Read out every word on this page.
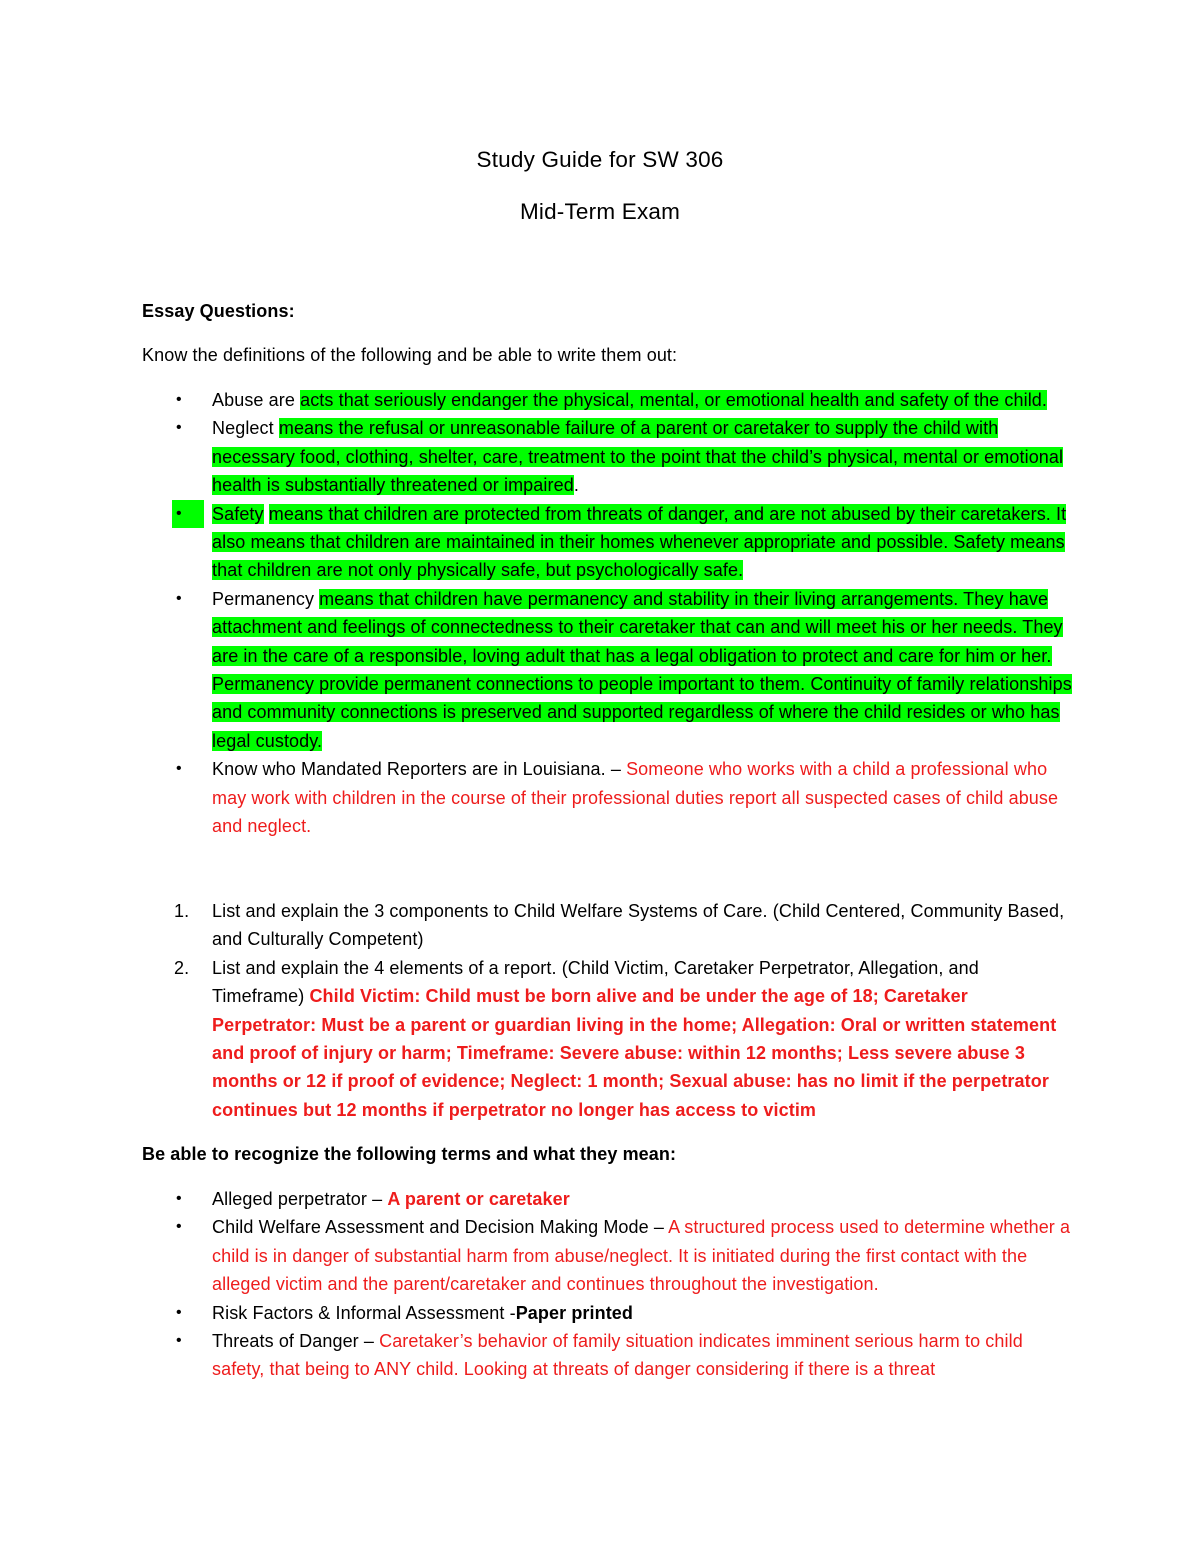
Study Guide for SW 306
Mid-Term Exam
Essay Questions:
Know the definitions of the following and be able to write them out:
• Abuse are acts that seriously endanger the physical, mental, or emotional health and safety of the child.
• Neglect means the refusal or unreasonable failure of a parent or caretaker to supply the child with necessary food, clothing, shelter, care, treatment to the point that the child’s physical, mental or emotional health is substantially threatened or impaired.
•	Safety means that children are protected from threats of danger, and are not abused by their caretakers. It also means that children are maintained in their homes whenever appropriate and possible. Safety means that children are not only physically safe, but psychologically safe.
• Permanency means that children have permanency and stability in their living arrangements. They have attachment and feelings of connectedness to their caretaker that can and will meet his or her needs. They are in the care of a responsible, loving adult that has a legal obligation to protect and care for him or her. Permanency provide permanent connections to people important to them. Continuity of family relationships and community connections is preserved and supported regardless of where the child resides or who has legal custody.
• Know who Mandated Reporters are in Louisiana. – Someone who works with a child a professional who may work with children in the course of their professional duties report all suspected cases of child abuse and neglect.
1. List and explain the 3 components to Child Welfare Systems of Care. (Child Centered, Community Based, and Culturally Competent)
2. List and explain the 4 elements of a report. (Child Victim, Caretaker Perpetrator, Allegation, and Timeframe) Child Victim: Child must be born alive and be under the age of 18; Caretaker Perpetrator: Must be a parent or guardian living in the home; Allegation: Oral or written statement and proof of injury or harm; Timeframe: Severe abuse: within 12 months; Less severe abuse 3 months or 12 if proof of evidence; Neglect: 1 month; Sexual abuse: has no limit if the perpetrator continues but 12 months if perpetrator no longer has access to victim
Be able to recognize the following terms and what they mean:
• Alleged perpetrator – A parent or caretaker
• Child Welfare Assessment and Decision Making Mode – A structured process used to determine whether a child is in danger of substantial harm from abuse/neglect. It is initiated during the first contact with the alleged victim and the parent/caretaker and continues throughout the investigation.
• Risk Factors & Informal Assessment -Paper printed
• Threats of Danger – Caretaker’s behavior of family situation indicates imminent serious harm to child safety, that being to ANY child. Looking at threats of danger considering if there is a threat
